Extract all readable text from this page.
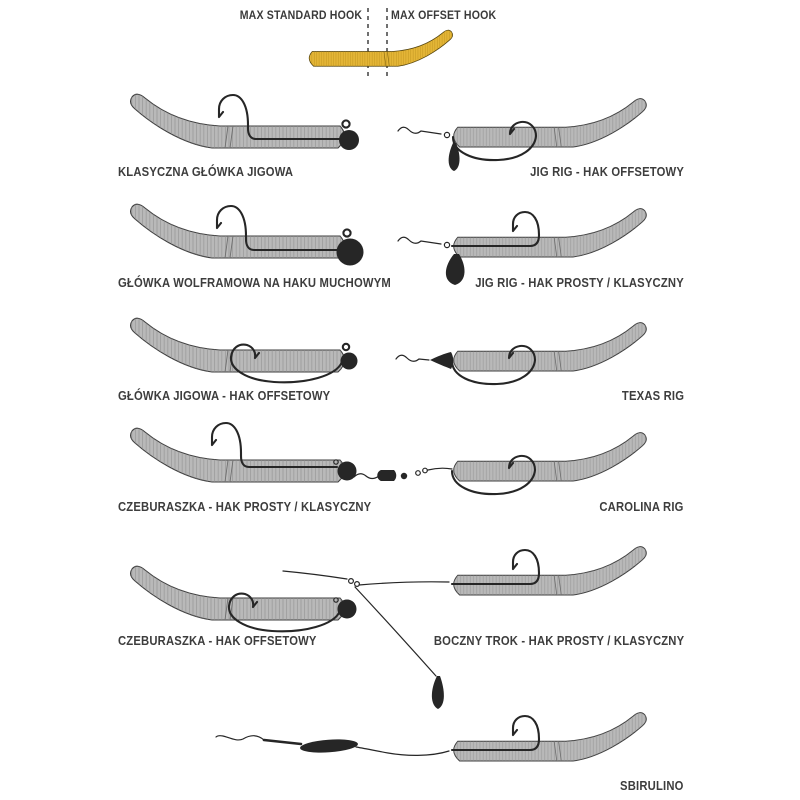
MAX STANDARD HOOK MAX OFFSET HOOK
KLASYCZNA GŁÓWKA JIGOWA
GŁÓWKA WOLFRAMOWA NA HAKU MUCHOWYM
GŁÓWKA JIGOWA - HAK OFFSETOWY
CZEBURASZKA - HAK PROSTY / KLASYCZNY
CZEBURASZKA - HAK OFFSETOWY
JIG RIG - HAK OFFSETOWY
JIG RIG - HAK PROSTY / KLASYCZNY
TEXAS RIG
CAROLINA RIG
BOCZNY TROK - HAK PROSTY / KLASYCZNY
SBIRULINO
